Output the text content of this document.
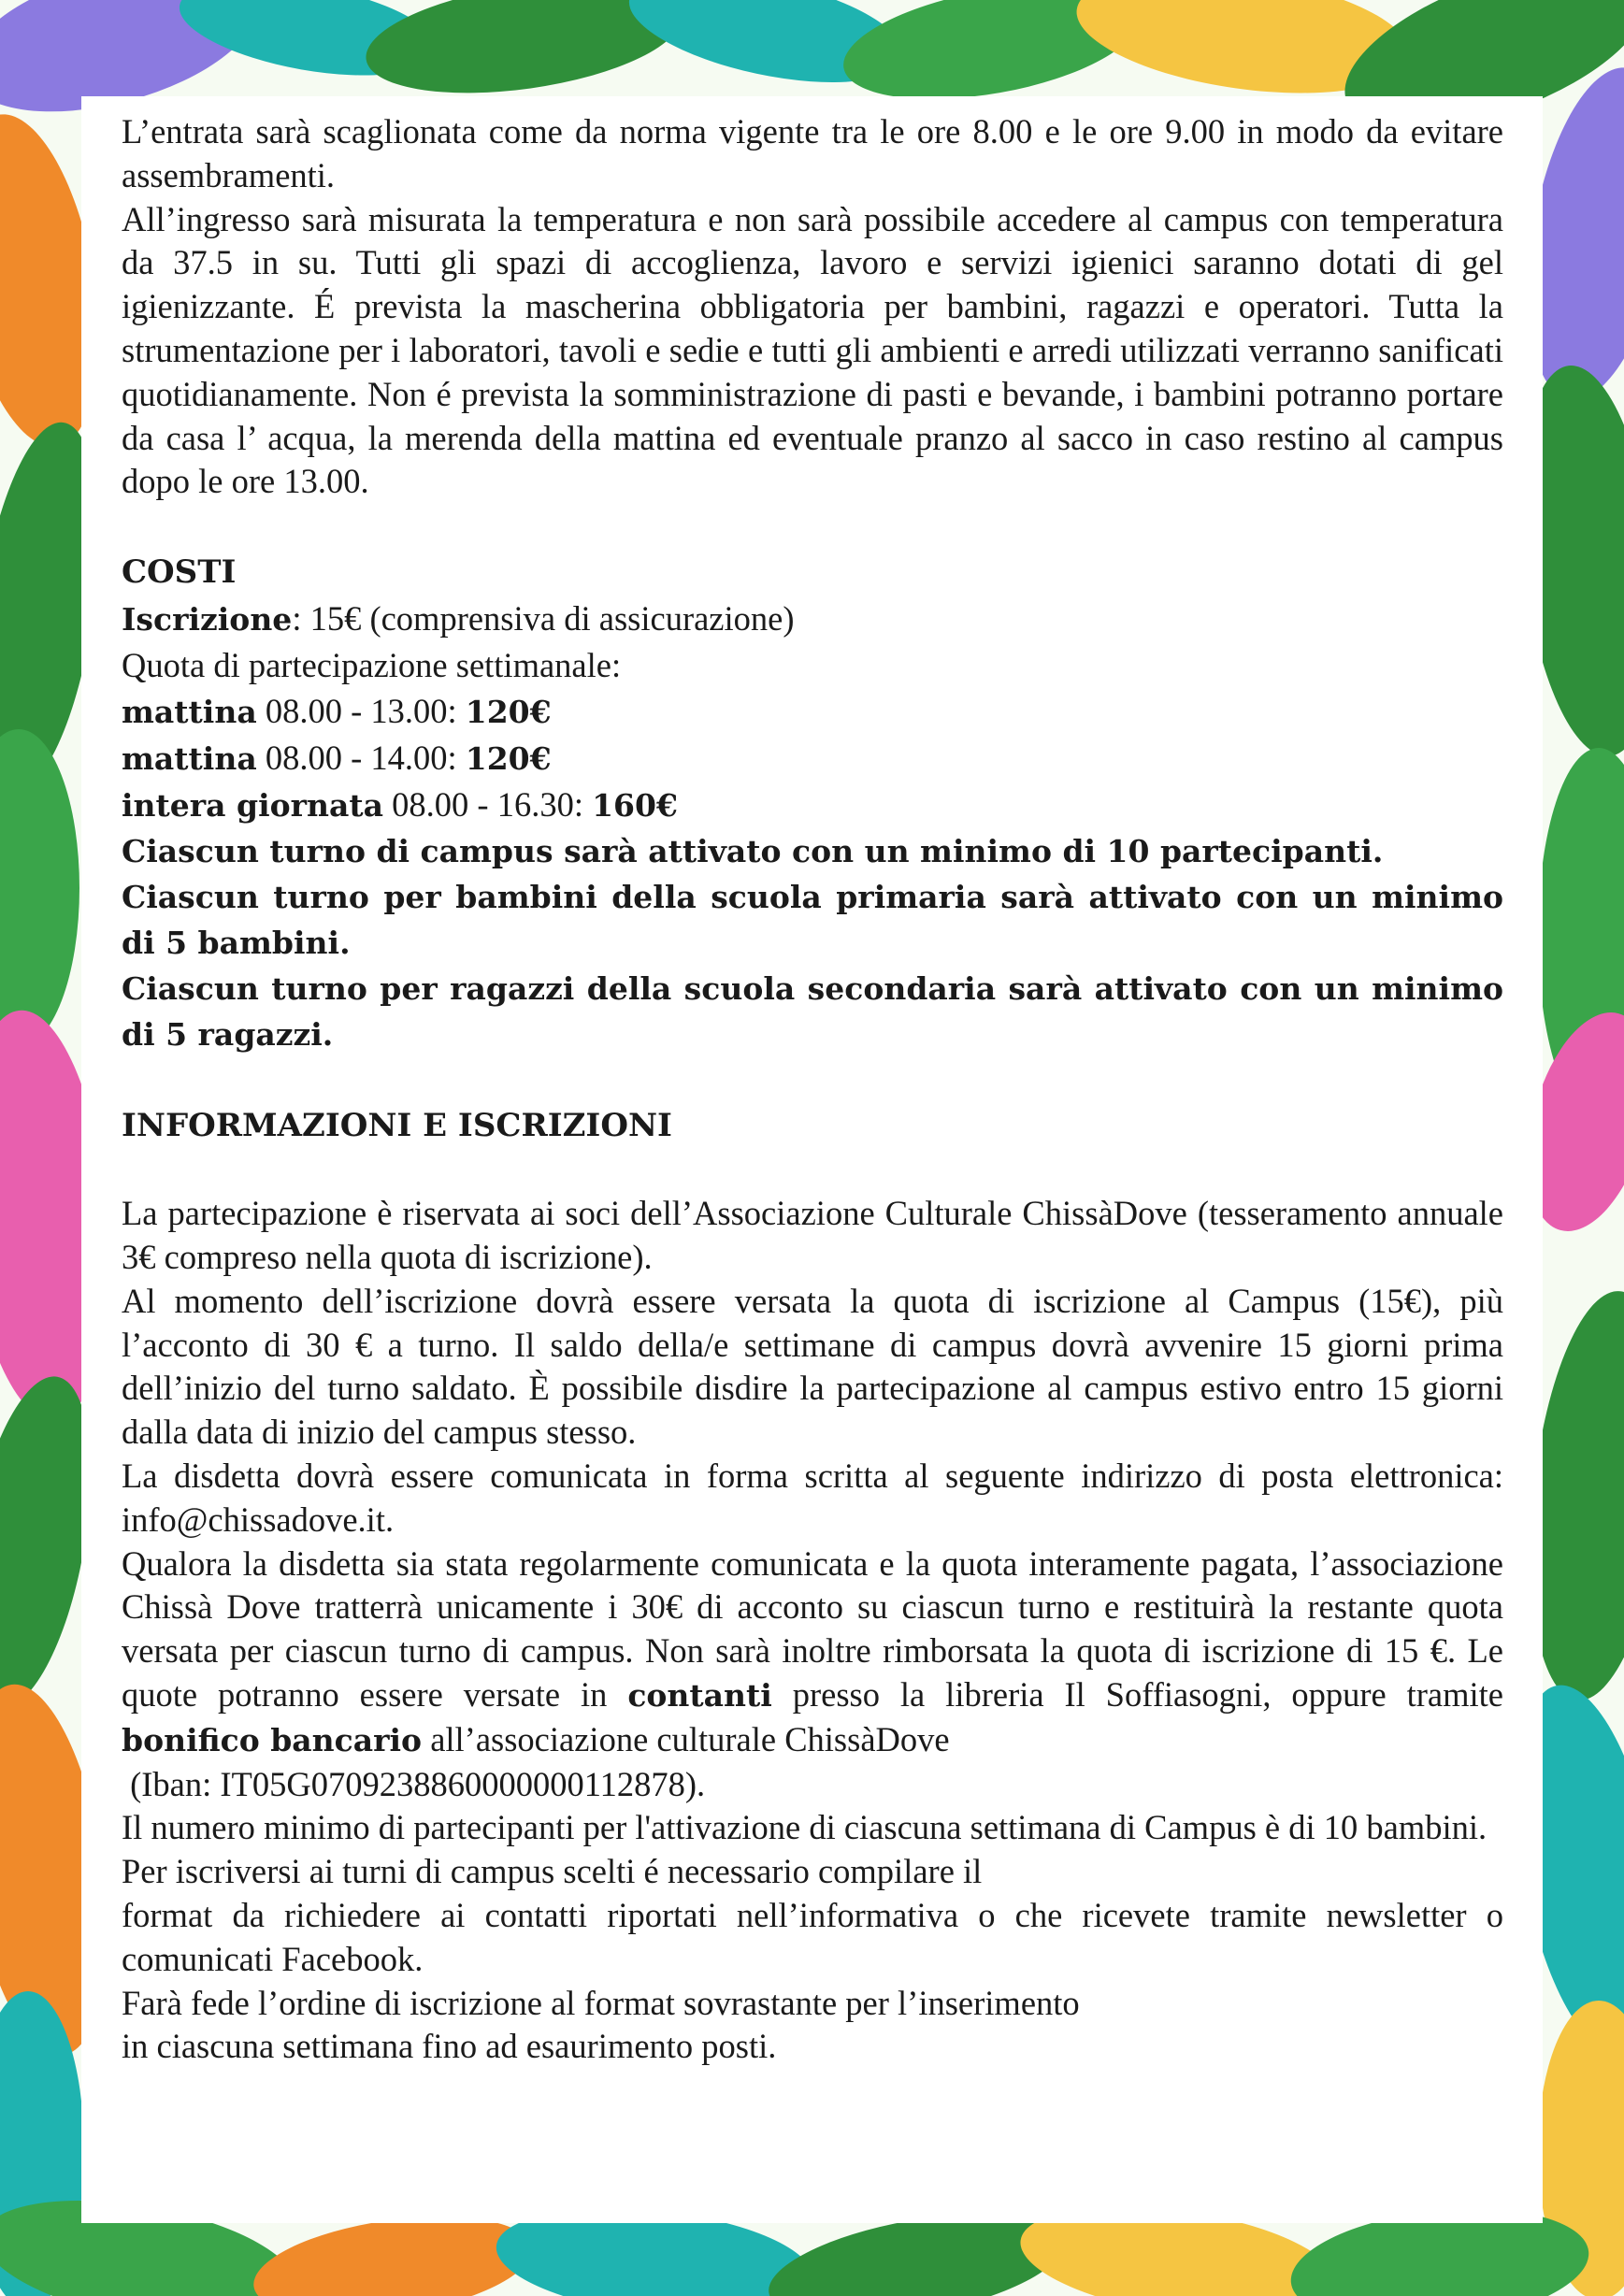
L’entrata sarà scaglionata come da norma vigente tra le ore 8.00 e le ore 9.00 in modo da evitare assembramenti.

All’ingresso sarà misurata la temperatura e non sarà possibile accedere al campus con temperatura da 37.5 in su. Tutti gli spazi di accoglienza, lavoro e servizi igienici saranno dotati di gel igienizzante. É prevista la mascherina obbligatoria per bambini, ragazzi e operatori. Tutta la strumentazione per i laboratori, tavoli e sedie e tutti gli ambienti e arredi utilizzati verranno sanificati quotidianamente. Non é prevista la somministrazione di pasti e bevande, i bambini potranno portare da casa l’ acqua, la merenda della mattina ed eventuale pranzo al sacco in caso restino al campus dopo le ore 13.00.

COSTI

Iscrizione: 15€ (comprensiva di assicurazione)

Quota di partecipazione settimanale:

mattina 08.00 - 13.00: 120€

mattina 08.00 - 14.00: 120€

intera giornata 08.00 - 16.30: 160€

Ciascun turno di campus sarà attivato con un minimo di 10 partecipanti.

Ciascun turno per bambini della scuola primaria sarà attivato con un minimo di 5 bambini.

Ciascun turno per ragazzi della scuola secondaria sarà attivato con un minimo di 5 ragazzi.

INFORMAZIONI E ISCRIZIONI

La partecipazione è riservata ai soci dell’Associazione Culturale ChissàDove (tesseramento annuale 3€ compreso nella quota di iscrizione).

Al momento dell’iscrizione dovrà essere versata la quota di iscrizione al Campus (15€), più l’acconto di 30 € a turno. Il saldo della/e settimane di campus dovrà avvenire 15 giorni prima dell’inizio del turno saldato. È possibile disdire la partecipazione al campus estivo entro 15 giorni dalla data di inizio del campus stesso.

La disdetta dovrà essere comunicata in forma scritta al seguente indirizzo di posta elettronica: info@chissadove.it.

Qualora la disdetta sia stata regolarmente comunicata e la quota interamente pagata, l’associazione Chissà Dove tratterrà unicamente i 30€ di acconto su ciascun turno e restituirà la restante quota versata per ciascun turno di campus. Non sarà inoltre rimborsata la quota di iscrizione di 15 €. Le quote potranno essere versate in contanti presso la libreria Il Soffiasogni, oppure tramite bonifico bancario all’associazione culturale ChissàDove

(Iban: IT05G0709238860000000112878).

Il numero minimo di partecipanti per l'attivazione di ciascuna settimana di Campus è di 10 bambini.

Per iscriversi ai turni di campus scelti é necessario compilare il

format da richiedere ai contatti riportati nell’informativa o che ricevete tramite newsletter o comunicati Facebook.

Farà fede l’ordine di iscrizione al format sovrastante per l’inserimento

in ciascuna settimana fino ad esaurimento posti.
